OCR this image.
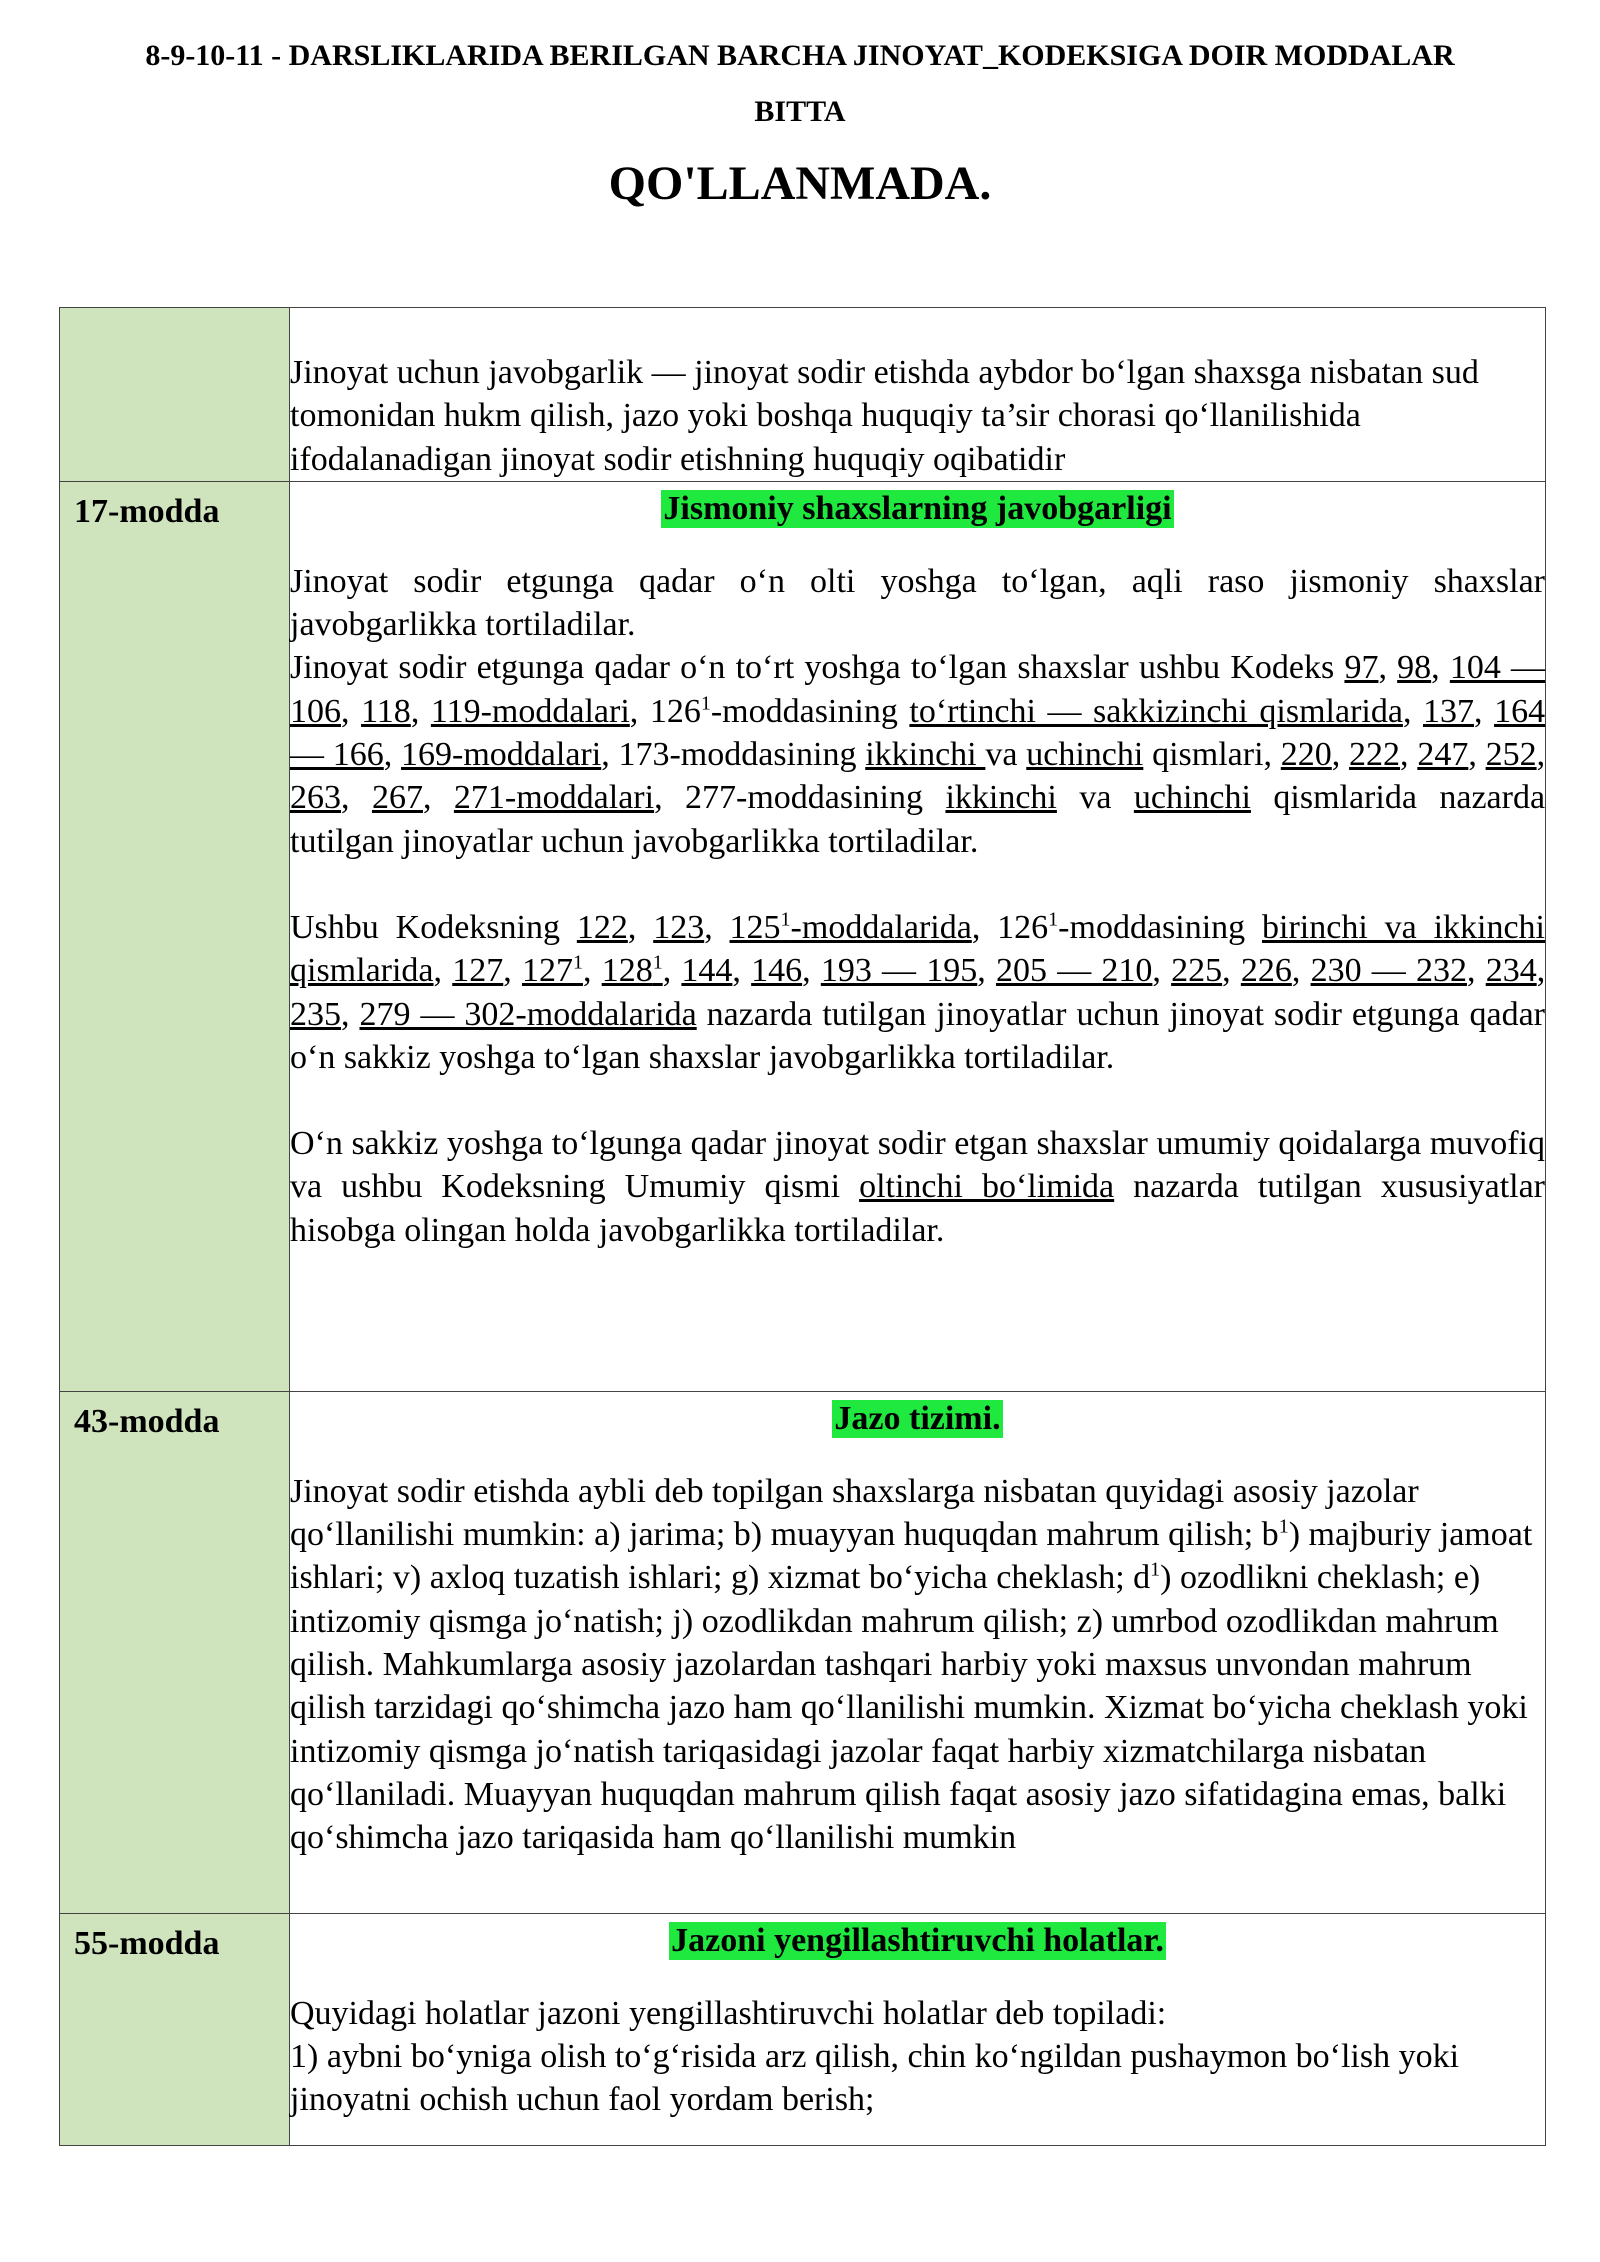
8-9-10-11 - DARSLIKLARIDA BERILGAN BARCHA JINOYAT_KODEKSIGA DOIR MODDALAR

BITTA

QO'LLANMADA.

	Jinoyat uchun javobgarlik — jinoyat sodir etishda aybdor bo‘lgan shaxsga nisbatan sud tomonidan hukm qilish, jazo yoki boshqa huquqiy ta’sir chorasi qo‘llanilishida ifodalanadigan jinoyat sodir etishning huquqiy oqibatidir

17-modda	Jismoniy shaxslarning javobgarligi

Jinoyat sodir etgunga qadar o‘n olti yoshga to‘lgan, aqli raso jismoniy shaxslar javobgarlikka tortiladilar.

Jinoyat sodir etgunga qadar o‘n to‘rt yoshga to‘lgan shaxslar ushbu Kodeks 97, 98, 104 — 106, 118, 119-moddalari, $126^1$-moddasining to‘rtinchi — sakkizinchi qismlarida, 137, 164 — 166, 169-moddalari, 173-moddasining ikkinchi va uchinchi qismlari, 220, 222, 247, 252, 263, 267, 271-moddalari, 277-moddasining ikkinchi va uchinchi qismlarida nazarda tutilgan jinoyatlar uchun javobgarlikka tortiladilar.

Ushbu Kodeksning 122, 123, $125^1$-moddalarida, $126^1$-moddasining birinchi va ikkinchi qismlarida, 127, $127^1$, $128^1$, 144, 146, 193 — 195, 205 — 210, 225, 226, 230 — 232, 234, 235, 279 — 302-moddalarida nazarda tutilgan jinoyatlar uchun jinoyat sodir etgunga qadar o‘n sakkiz yoshga to‘lgan shaxslar javobgarlikka tortiladilar.

O‘n sakkiz yoshga to‘lgunga qadar jinoyat sodir etgan shaxslar umumiy qoidalarga muvofiq va ushbu Kodeksning Umumiy qismi oltinchi bo‘limida nazarda tutilgan xususiyatlar hisobga olingan holda javobgarlikka tortiladilar.

43-modda	Jazo tizimi.

Jinoyat sodir etishda aybli deb topilgan shaxslarga nisbatan quyidagi asosiy jazolar qo‘llanilishi mumkin: a) jarima; b) muayyan huquqdan mahrum qilish; $b^1$) majburiy jamoat ishlari; v) axloq tuzatish ishlari; g) xizmat bo‘yicha cheklash; $d^1$) ozodlikni cheklash; e) intizomiy qismga jo‘natish; j) ozodlikdan mahrum qilish; z) umrbod ozodlikdan mahrum qilish. Mahkumlarga asosiy jazolardan tashqari harbiy yoki maxsus unvondan mahrum qilish tarzidagi qo‘shimcha jazo ham qo‘llanilishi mumkin. Xizmat bo‘yicha cheklash yoki intizomiy qismga jo‘natish tariqasidagi jazolar faqat harbiy xizmatchilarga nisbatan qo‘llaniladi. Muayyan huquqdan mahrum qilish faqat asosiy jazo sifatidagina emas, balki qo‘shimcha jazo tariqasida ham qo‘llanilishi mumkin

55-modda	Jazoni yengillashtiruvchi holatlar.

Quyidagi holatlar jazoni yengillashtiruvchi holatlar deb topiladi:

1) aybni bo‘yniga olish to‘g‘risida arz qilish, chin ko‘ngildan pushaymon bo‘lish yoki jinoyatni ochish uchun faol yordam berish;
